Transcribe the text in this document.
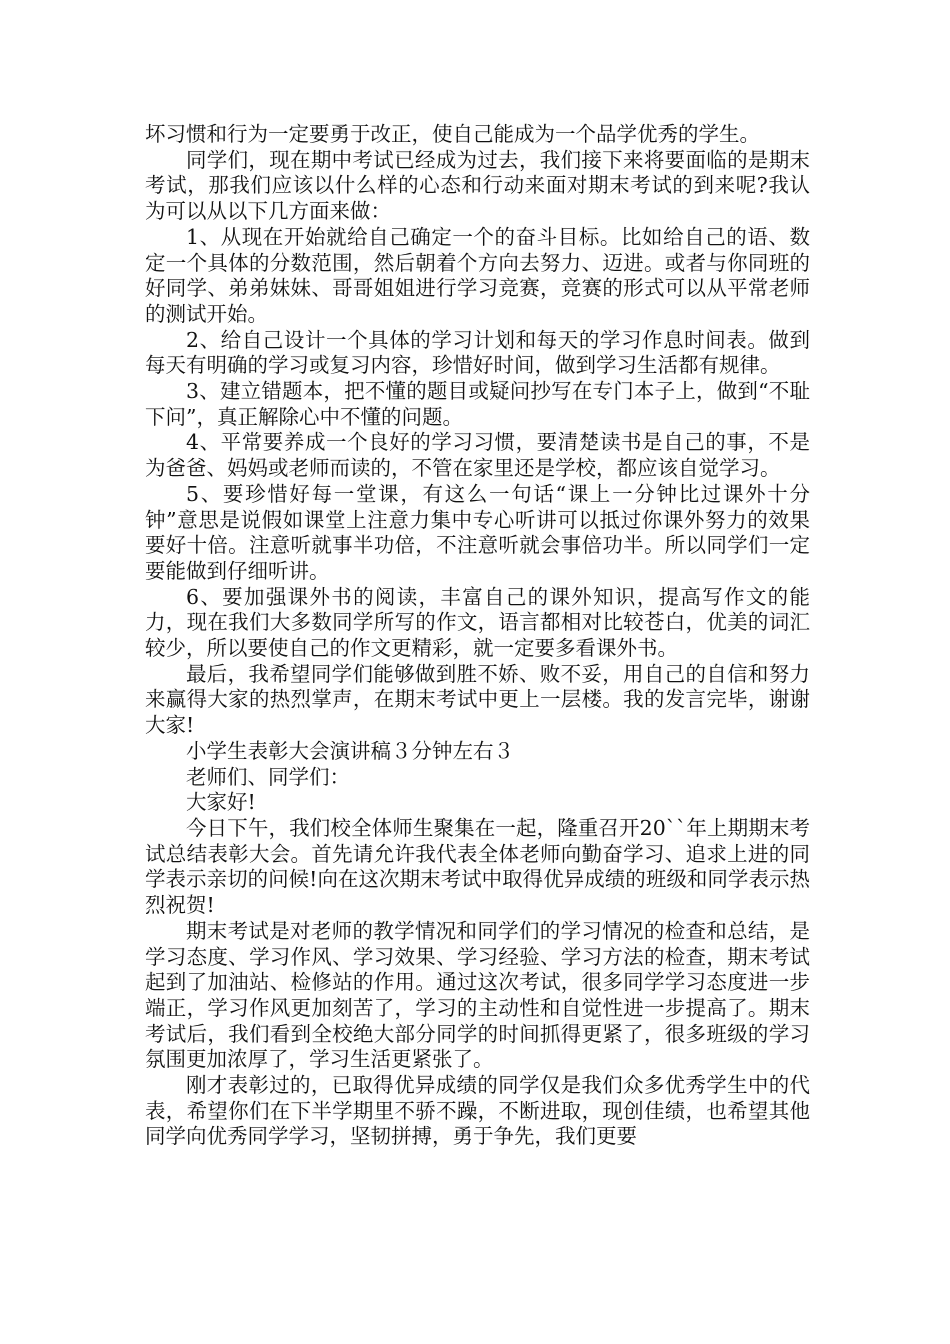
坏习惯和行为一定要勇于改正，使自己能成为一个品学优秀的学生。

同学们，现在期中考试已经成为过去，我们接下来将要面临的是期末考试，那我们应该以什么样的心态和行动来面对期末考试的到来呢?我认为可以从以下几方面来做：

1、从现在开始就给自己确定一个的奋斗目标。比如给自己的语、数定一个具体的分数范围，然后朝着个方向去努力、迈进。或者与你同班的好同学、弟弟妹妹、哥哥姐姐进行学习竞赛，竞赛的形式可以从平常老师的测试开始。

2、给自己设计一个具体的学习计划和每天的学习作息时间表。做到每天有明确的学习或复习内容，珍惜好时间，做到学习生活都有规律。

3、建立错题本，把不懂的题目或疑问抄写在专门本子上，做到“不耻下问”，真正解除心中不懂的问题。

4、平常要养成一个良好的学习习惯，要清楚读书是自己的事，不是为爸爸、妈妈或老师而读的，不管在家里还是学校，都应该自觉学习。

5、要珍惜好每一堂课，有这么一句话“课上一分钟比过课外十分钟”意思是说假如课堂上注意力集中专心听讲可以抵过你课外努力的效果要好十倍。注意听就事半功倍，不注意听就会事倍功半。所以同学们一定要能做到仔细听讲。

6、要加强课外书的阅读，丰富自己的课外知识，提高写作文的能力，现在我们大多数同学所写的作文，语言都相对比较苍白，优美的词汇较少，所以要使自己的作文更精彩，就一定要多看课外书。

最后，我希望同学们能够做到胜不娇、败不妥，用自己的自信和努力来赢得大家的热烈掌声，在期末考试中更上一层楼。我的发言完毕，谢谢大家!

小学生表彰大会演讲稿３分钟左右３

老师们、同学们：

大家好!

今日下午，我们校全体师生聚集在一起，隆重召开20``年上期期末考试总结表彰大会。首先请允许我代表全体老师向勤奋学习、追求上进的同学表示亲切的问候!向在这次期末考试中取得优异成绩的班级和同学表示热烈祝贺!

期末考试是对老师的教学情况和同学们的学习情况的检查和总结，是学习态度、学习作风、学习效果、学习经验、学习方法的检查，期末考试起到了加油站、检修站的作用。通过这次考试，很多同学学习态度进一步端正，学习作风更加刻苦了，学习的主动性和自觉性进一步提高了。期末考试后，我们看到全校绝大部分同学的时间抓得更紧了，很多班级的学习氛围更加浓厚了，学习生活更紧张了。

刚才表彰过的，已取得优异成绩的同学仅是我们众多优秀学生中的代表，希望你们在下半学期里不骄不躁，不断进取，现创佳绩，也希望其他同学向优秀同学学习，坚韧拼搏，勇于争先，我们更要
